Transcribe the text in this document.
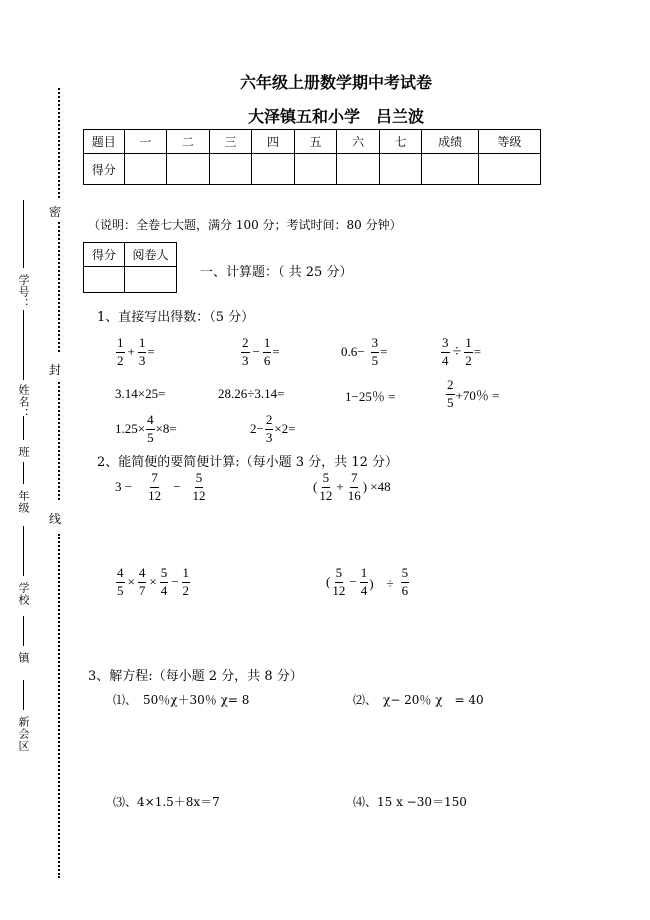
密
封
线
学号：
姓名：
班
年级
学校
镇
新会区
六年级上册数学期中考试卷
大泽镇五和小学　吕兰波
题目	一	二	三	四	五	六	七	成绩	等级
得分									
（说明：全卷七大题，满分 100 分；考试时间：80 分钟）
得分	阅卷人

一、计算题：（ 共 25 分）
1、直接写出得数：（5 分）
$\frac{1}{2} + \frac{1}{3}$ =	$\frac{2}{3} - \frac{1}{6}$ =	$0.6- \frac{3}{5}$ =	$\frac{3}{4} \div \frac{1}{2}$ =
3.14×25=	28.26÷3.14=	1−25％ =	$\frac{2}{5} +70$％ =
$1.25\times \frac{4}{5} \times 8=$	$2- \frac{2}{3} \times 2=$
2、能简便的要简便计算:（每小题 3 分，共 12 分）
$3 - \frac{7}{12} - \frac{5}{12}$	( $\frac{5}{12} + \frac{7}{16}$ ) ×48
$\frac{4}{5} \times \frac{4}{7} \times \frac{5}{4} - \frac{1}{2}$	( $\frac{5}{12} - \frac{1}{4}$ )　÷ $\frac{5}{6}$
3、解方程:（每小题 2 分，共 8 分）
⑴、　50％χ＋30％ χ= 8	⑵、　χ− 20％ χ　= 40
⑶、4×1.5＋8x＝7	⑷、15 x −30＝150
